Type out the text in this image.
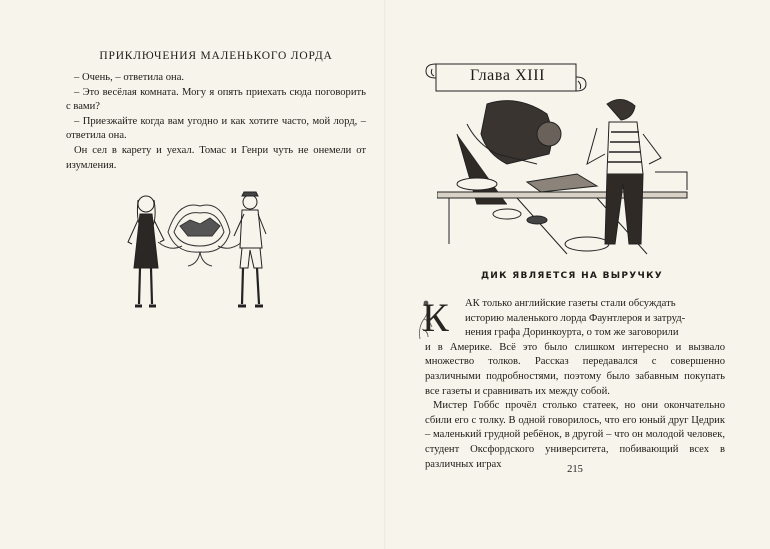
ПРИКЛЮЧЕНИЯ МАЛЕНЬКОГО ЛОРДА

– Очень, – ответила она.

– Это весёлая комната. Могу я опять приехать сюда поговорить с вами?

– Приезжайте когда вам угодно и как хотите часто, мой лорд, – ответила она.

Он сел в карету и уехал. Томас и Генри чуть не онемели от изумления.

Глава XIII
ДИК ЯВЛЯЕТСЯ НА ВЫРУЧКУ
К	АК только английские газеты стали обсуждать

историю маленького лорда Фаунтлероя и затруд-

нения графа Доринкоурта, о том же заговорили

и в Америке. Всё это было слишком интересно и вызвало множество толков. Рассказ передавался с совершенно различными подробностями, поэтому было забавным покупать все газеты и сравнивать их между собой.

Мистер Гоббс прочёл столько статеек, но они окончательно сбили его с толку. В одной говорилось, что его юный друг Цедрик – маленький грудной ребёнок, в другой – что он молодой человек, студент Оксфордского университета, побивающий всех в различных играх	215
